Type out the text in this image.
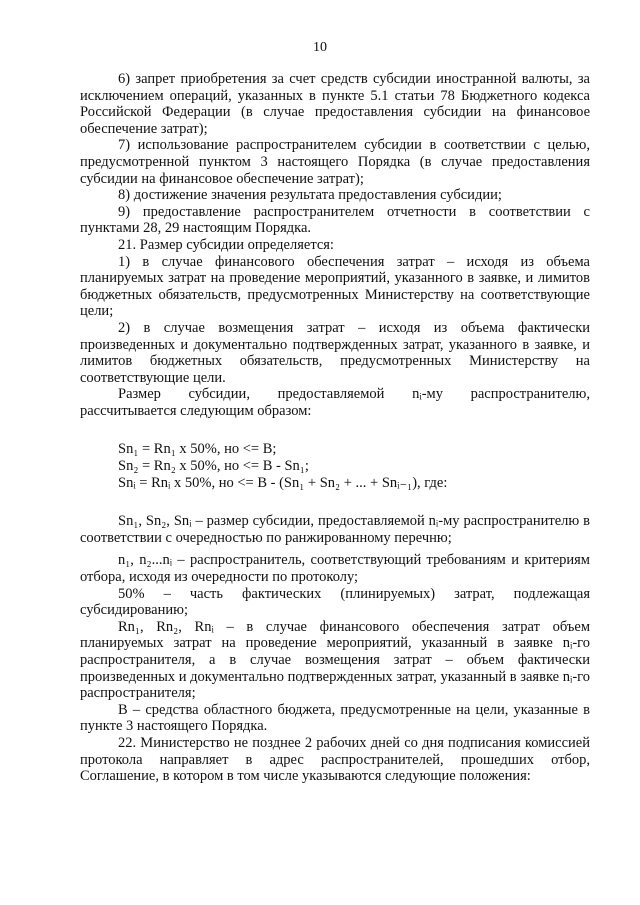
10

6) запрет приобретения за счет средств субсидии иностранной валюты, за исключением операций, указанных в пункте 5.1 статьи 78 Бюджетного кодекса Российской Федерации (в случае предоставления субсидии на финансовое обеспечение затрат);

7) использование распространителем субсидии в соответствии с целью, предусмотренной пунктом 3 настоящего Порядка (в случае предоставления субсидии на финансовое обеспечение затрат);

8) достижение значения результата предоставления субсидии;

9) предоставление распространителем отчетности в соответствии с пунктами 28, 29 настоящим Порядка.

21. Размер субсидии определяется:

1) в случае финансового обеспечения затрат – исходя из объема планируемых затрат на проведение мероприятий, указанного в заявке, и лимитов бюджетных обязательств, предусмотренных Министерству на соответствующие цели;

2) в случае возмещения затрат – исходя из объема фактически произведенных и документально подтвержденных затрат, указанного в заявке, и лимитов бюджетных обязательств, предусмотренных Министерству на соответствующие цели.

Размер субсидии, предоставляемой nᵢ-му распространителю, рассчитывается следующим образом:

Sn₁ = Rn₁ x 50%, но <= B;

Sn₂ = Rn₂ x 50%, но <= B - Sn₁;

Snᵢ = Rnᵢ x 50%, но <= B - (Sn₁ + Sn₂ + ... + Snᵢ₋₁), где:

Sn₁, Sn₂, Snᵢ – размер субсидии, предоставляемой nᵢ-му распространителю в соответствии с очередностью по ранжированному перечню;

n₁, n₂...nᵢ – распространитель, соответствующий требованиям и критериям отбора, исходя из очередности по протоколу;

50% – часть фактических (плинируемых) затрат, подлежащая субсидированию;

Rn₁, Rn₂, Rnᵢ – в случае финансового обеспечения затрат объем планируемых затрат на проведение мероприятий, указанный в заявке nᵢ-го распространителя, а в случае возмещения затрат – объем фактически произведенных и документально подтвержденных затрат, указанный в заявке nᵢ-го распространителя;

B – средства областного бюджета, предусмотренные на цели, указанные в пункте 3 настоящего Порядка.

22. Министерство не позднее 2 рабочих дней со дня подписания комиссией протокола направляет в адрес распространителей, прошедших отбор, Соглашение, в котором в том числе указываются следующие положения:
